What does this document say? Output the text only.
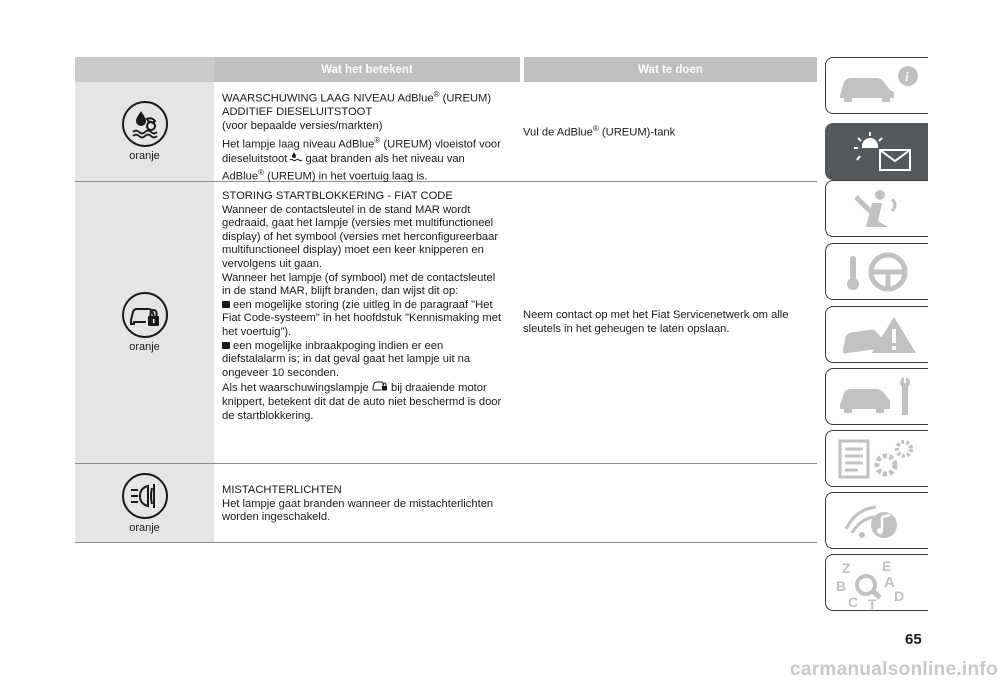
Wat het betekent	Wat te doen
oranje
WAARSCHUWING LAAG NIVEAU AdBlue® (UREUM)
ADDITIEF DIESELUITSTOOT
(voor bepaalde versies/markten)
Het lampje laag niveau AdBlue® (UREUM) vloeistof voor dieseluitstoot  gaat branden als het niveau van AdBlue® (UREUM) in het voertuig laag is.
Vul de AdBlue® (UREUM)-tank
oranje
STORING STARTBLOKKERING - FIAT CODE
Wanneer de contactsleutel in de stand MAR wordt gedraaid, gaat het lampje (versies met multifunctioneel display) of het symbool (versies met herconfigureerbaar multifunctioneel display) moet een keer knipperen en vervolgens uit gaan.
Wanneer het lampje (of symbool) met de contactsleutel in de stand MAR, blijft branden, dan wijst dit op:
een mogelijke storing (zie uitleg in de paragraaf "Het Fiat Code-systeem" in het hoofdstuk "Kennismaking met het voertuig").
een mogelijke inbraakpoging indien er een diefstalalarm is; in dat geval gaat het lampje uit na ongeveer 10 seconden.
Als het waarschuwingslampje  bij draaiende motor knippert, betekent dit dat de auto niet beschermd is door de startblokkering.
Neem contact op met het Fiat Servicenetwerk om alle sleutels in het geheugen te laten opslaan.
oranje
MISTACHTERLICHTEN
Het lampje gaat branden wanneer de mistachterlichten worden ingeschakeld.
i
Z E
A
B
D
C T
65
carmanualsonline.info
